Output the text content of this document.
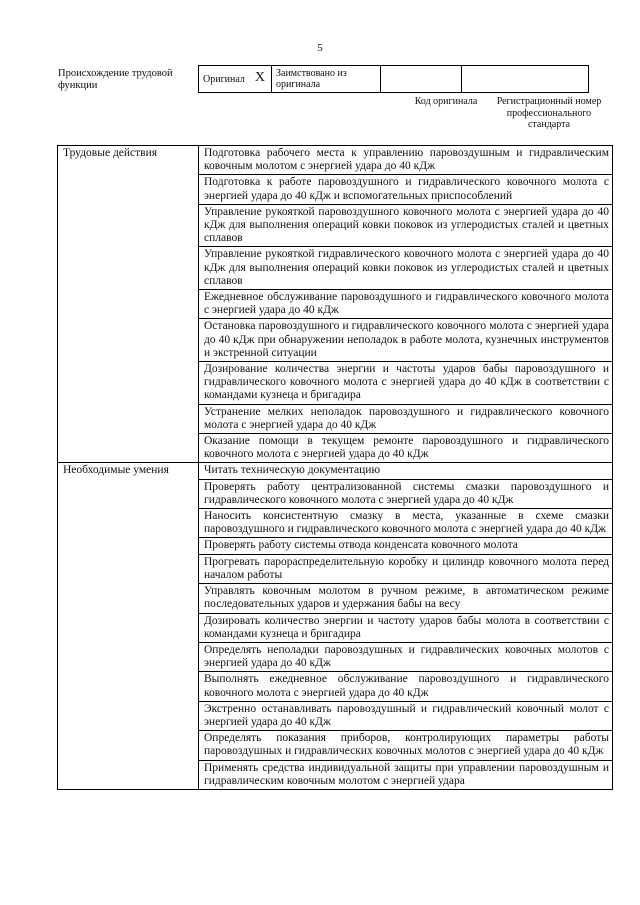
5
Происхождение трудовой функции
Оригинал X	Заимствовано из оригинала		
Код оригинала	Регистрационный номер профессионального стандарта
Трудовые действия	Подготовка рабочего места к управлению паровоздушным и гидравлическим ковочным молотом с энергией удара до 40 кДж
	Подготовка к работе паровоздушного и гидравлического ковочного молота с энергией удара до 40 кДж и вспомогательных приспособлений
	Управление рукояткой паровоздушного ковочного молота с энергией удара до 40 кДж для выполнения операций ковки поковок из углеродистых сталей и цветных сплавов
	Управление рукояткой гидравлического ковочного молота с энергией удара до 40 кДж для выполнения операций ковки поковок из углеродистых сталей и цветных сплавов
	Ежедневное обслуживание паровоздушного и гидравлического ковочного молота с энергией удара до 40 кДж
	Остановка паровоздушного и гидравлического ковочного молота с энергией удара до 40 кДж при обнаружении неполадок в работе молота, кузнечных инструментов и экстренной ситуации
	Дозирование количества энергии и частоты ударов бабы паровоздушного и гидравлического ковочного молота с энергией удара до 40 кДж в соответствии с командами кузнеца и бригадира
	Устранение мелких неполадок паровоздушного и гидравлического ковочного молота с энергией удара до 40 кДж
	Оказание помощи в текущем ремонте паровоздушного и гидравлического ковочного молота с энергией удара до 40 кДж
Необходимые умения	Читать техническую документацию
	Проверять работу централизованной системы смазки паровоздушного и гидравлического ковочного молота с энергией удара до 40 кДж
	Наносить консистентную смазку в места, указанные в схеме смазки паровоздушного и гидравлического ковочного молота с энергией удара до 40 кДж
	Проверять работу системы отвода конденсата ковочного молота
	Прогревать парораспределительную коробку и цилиндр ковочного молота перед началом работы
	Управлять ковочным молотом в ручном режиме, в автоматическом режиме последовательных ударов и удержания бабы на весу
	Дозировать количество энергии и частоту ударов бабы молота в соответствии с командами кузнеца и бригадира
	Определять неполадки паровоздушных и гидравлических ковочных молотов с энергией удара до 40 кДж
	Выполнять ежедневное обслуживание паровоздушного и гидравлического ковочного молота с энергией удара до 40 кДж
	Экстренно останавливать паровоздушный и гидравлический ковочный молот с энергией удара до 40 кДж
	Определять показания приборов, контролирующих параметры работы паровоздушных и гидравлических ковочных молотов с энергией удара до 40 кДж

	Применять средства индивидуальной защиты при управлении паровоздушным и гидравлическим ковочным молотом с энергией удара
